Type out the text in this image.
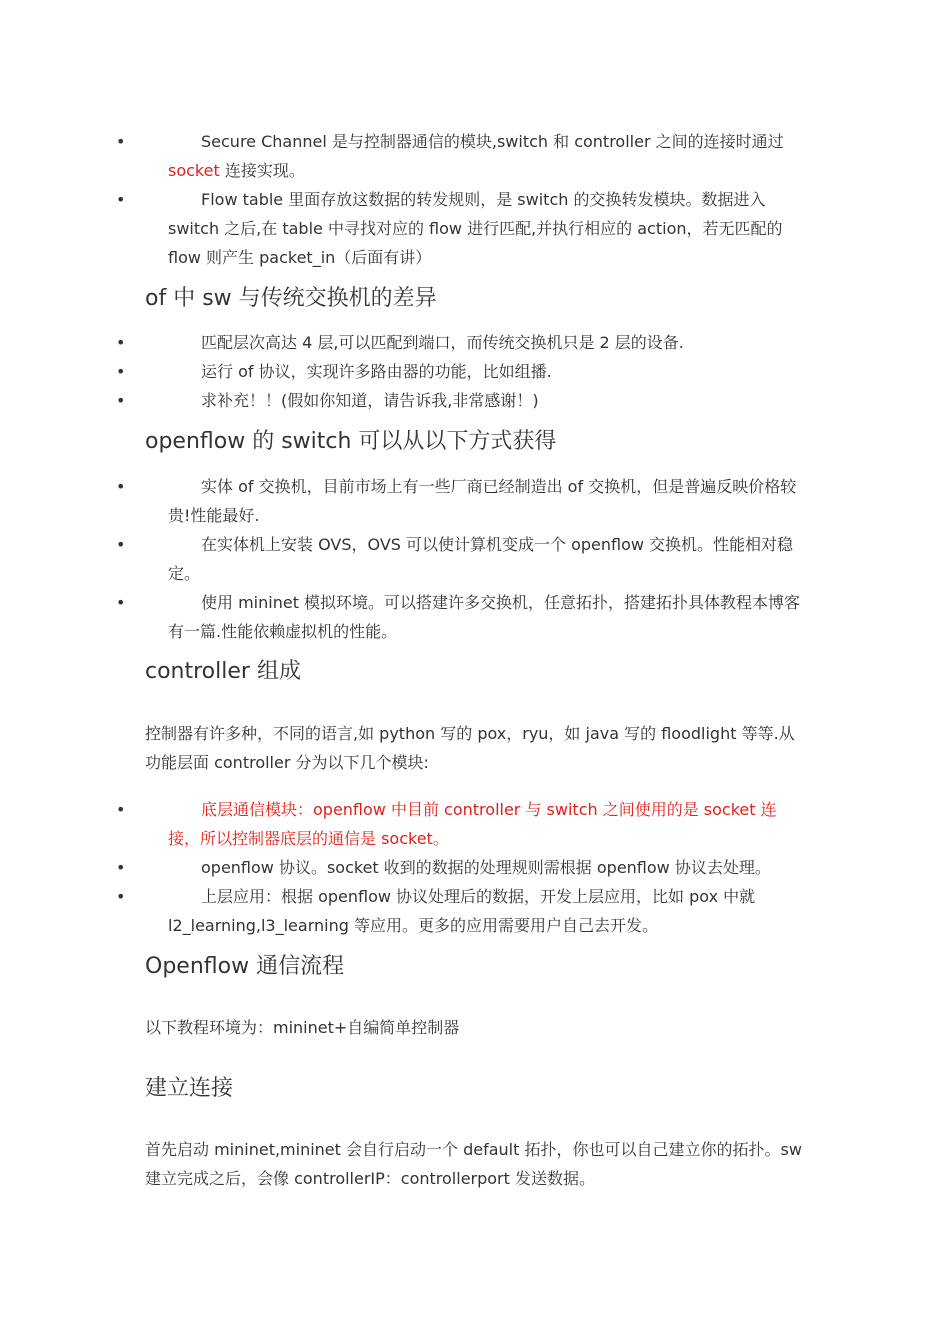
•	Secure Channel 是与控制器通信的模块,switch 和 controller 之间的连接时通过 socket 连接实现。
•	Flow table 里面存放这数据的转发规则，是 switch 的交换转发模块。数据进入 switch 之后,在 table 中寻找对应的 flow 进行匹配,并执行相应的 action，若无匹配的 flow 则产生 packet_in（后面有讲）
of 中 sw 与传统交换机的差异
•	匹配层次高达 4 层,可以匹配到端口，而传统交换机只是 2 层的设备.
•	运行 of 协议，实现许多路由器的功能，比如组播.
•	求补充！！(假如你知道，请告诉我,非常感谢！)
openflow 的 switch 可以从以下方式获得
•	实体 of 交换机，目前市场上有一些厂商已经制造出 of 交换机，但是普遍反映价格较贵!性能最好.
•	在实体机上安装 OVS，OVS 可以使计算机变成一个 openflow 交换机。性能相对稳定。
•	使用 mininet 模拟环境。可以搭建许多交换机，任意拓扑，搭建拓扑具体教程本博客有一篇.性能依赖虚拟机的性能。
controller 组成

控制器有许多种，不同的语言,如 python 写的 pox，ryu，如 java 写的 floodlight 等等.从功能层面 controller 分为以下几个模块:

•	底层通信模块：openflow 中目前 controller 与 switch 之间使用的是 socket 连接，所以控制器底层的通信是 socket。
•	openflow 协议。socket 收到的数据的处理规则需根据 openflow 协议去处理。
•	上层应用：根据 openflow 协议处理后的数据，开发上层应用，比如 pox 中就 l2_learning,l3_learning 等应用。更多的应用需要用户自己去开发。
Openflow 通信流程

以下教程环境为：mininet+自编简单控制器

建立连接

首先启动 mininet,mininet 会自行启动一个 default 拓扑，你也可以自己建立你的拓扑。sw 建立完成之后，会像 controllerIP：controllerport 发送数据。
